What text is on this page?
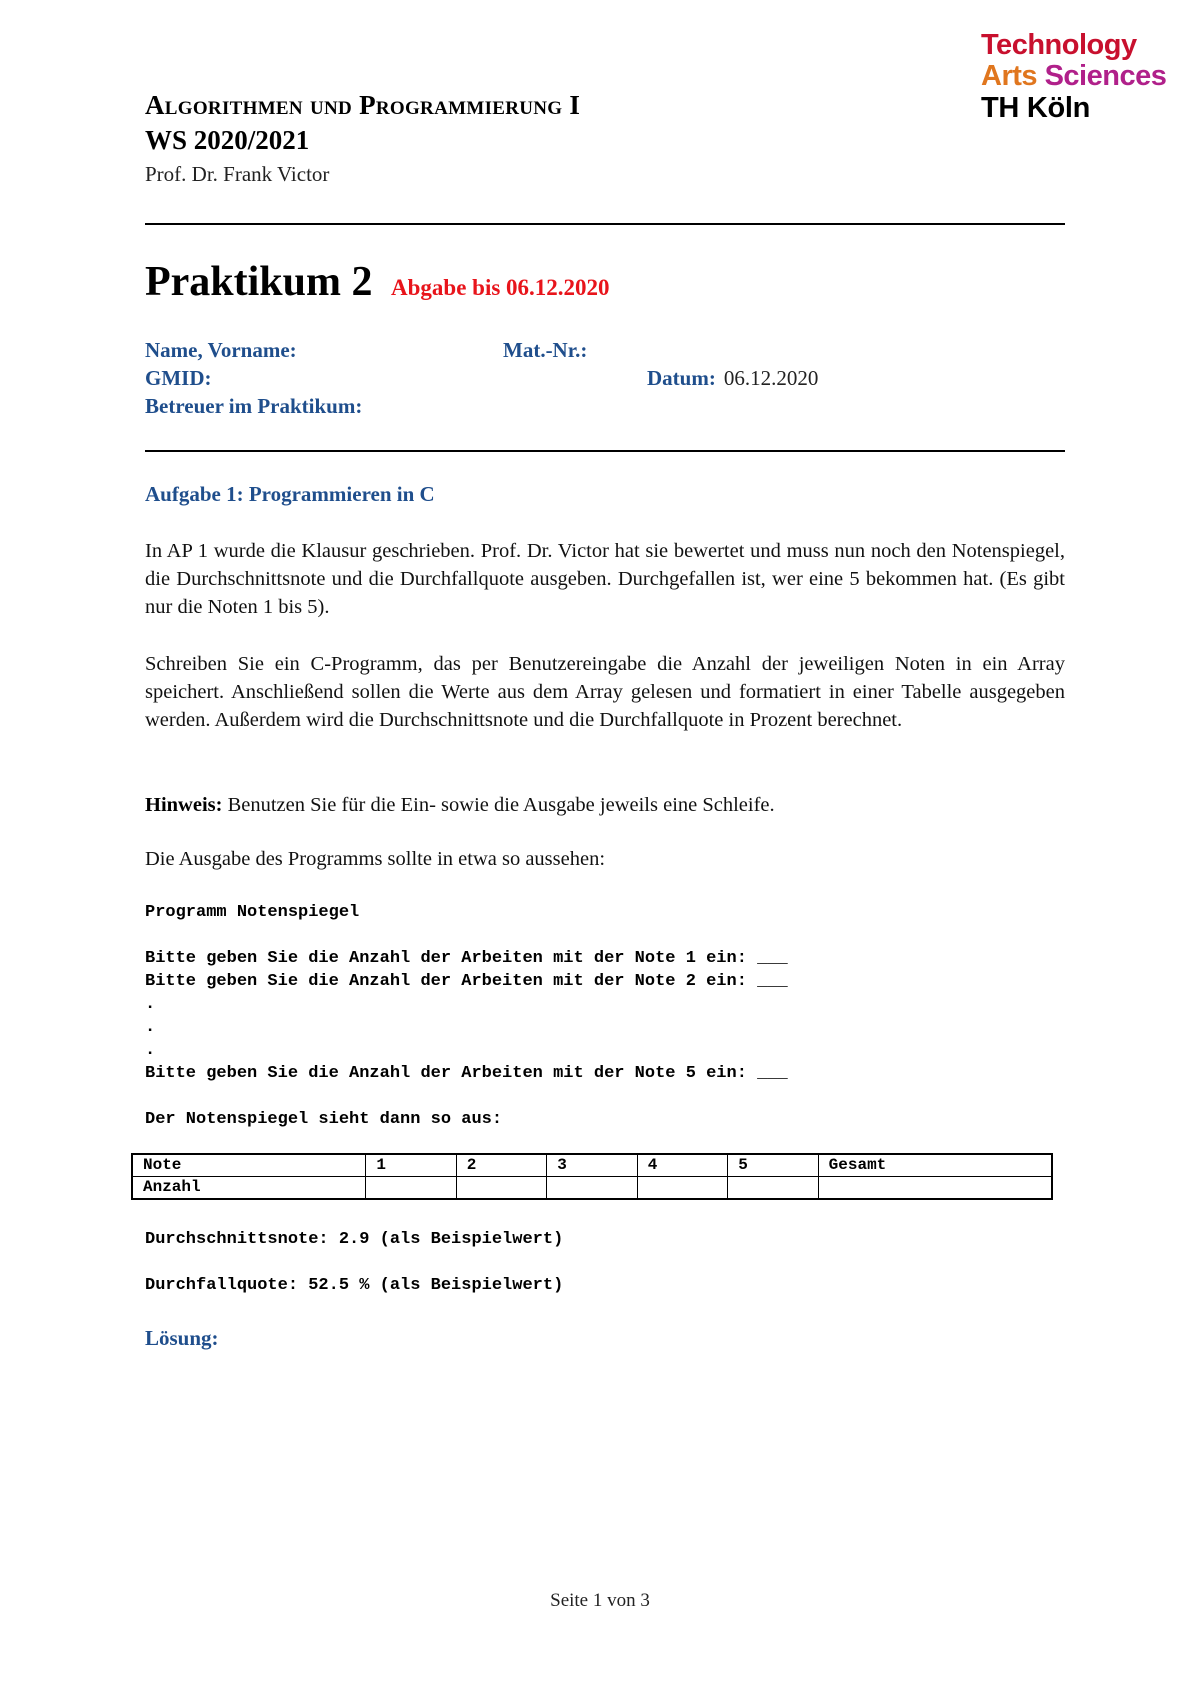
Technology
Arts Sciences
TH Köln
Algorithmen und Programmierung I
WS 2020/2021
Prof. Dr. Frank Victor
Praktikum 2 Abgabe bis 06.12.2020
Name, Vorname:	Mat.-Nr.:
GMID:	Datum: 06.12.2020
Betreuer im Praktikum:
Aufgabe 1: Programmieren in C
In AP 1 wurde die Klausur geschrieben. Prof. Dr. Victor hat sie bewertet und muss nun noch den Notenspiegel, die Durchschnittsnote und die Durchfallquote ausgeben. Durchgefallen ist, wer eine 5 bekommen hat. (Es gibt nur die Noten 1 bis 5).
Schreiben Sie ein C-Programm, das per Benutzereingabe die Anzahl der jeweiligen Noten in ein Array speichert. Anschließend sollen die Werte aus dem Array gelesen und formatiert in einer Tabelle ausgegeben werden. Außerdem wird die Durchschnittsnote und die Durchfallquote in Prozent berechnet.
Hinweis: Benutzen Sie für die Ein- sowie die Ausgabe jeweils eine Schleife.
Die Ausgabe des Programms sollte in etwa so aussehen:
Programm Notenspiegel
Bitte geben Sie die Anzahl der Arbeiten mit der Note 1 ein: ___
Bitte geben Sie die Anzahl der Arbeiten mit der Note 2 ein: ___
.
.
.
Bitte geben Sie die Anzahl der Arbeiten mit der Note 5 ein: ___
Der Notenspiegel sieht dann so aus:
Note	1	2	3	4	5	Gesamt
Anzahl						
Durchschnittsnote: 2.9 (als Beispielwert)
Durchfallquote: 52.5 % (als Beispielwert)
Lösung:
Seite 1 von 3
